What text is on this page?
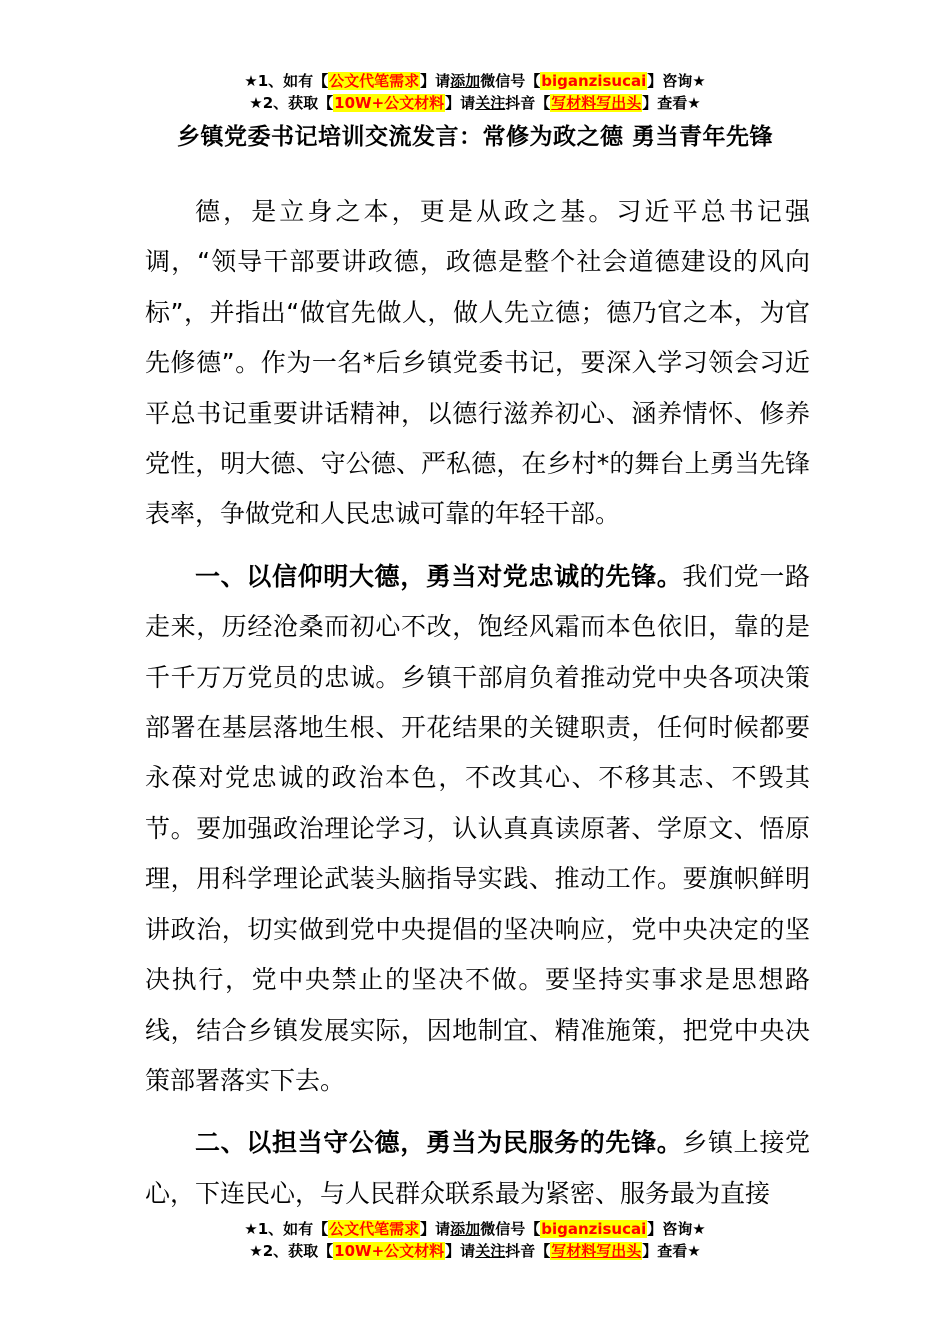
★1、如有【公文代笔需求】请添加微信号【biganzisucai】咨询★
★2、获取【10W+公文材料】请关注抖音【写材料写出头】查看★
乡镇党委书记培训交流发言：常修为政之德 勇当青年先锋

德，是立身之本，更是从政之基。习近平总书记强调，“领导干部要讲政德，政德是整个社会道德建设的风向标”，并指出“做官先做人，做人先立德；德乃官之本，为官先修德”。作为一名*后乡镇党委书记，要深入学习领会习近平总书记重要讲话精神，以德行滋养初心、涵养情怀、修养党性，明大德、守公德、严私德，在乡村*的舞台上勇当先锋表率，争做党和人民忠诚可靠的年轻干部。

一、以信仰明大德，勇当对党忠诚的先锋。我们党一路走来，历经沧桑而初心不改，饱经风霜而本色依旧，靠的是千千万万党员的忠诚。乡镇干部肩负着推动党中央各项决策部署在基层落地生根、开花结果的关键职责，任何时候都要永葆对党忠诚的政治本色，不改其心、不移其志、不毁其节。要加强政治理论学习，认认真真读原著、学原文、悟原理，用科学理论武装头脑指导实践、推动工作。要旗帜鲜明讲政治，切实做到党中央提倡的坚决响应，党中央决定的坚决执行，党中央禁止的坚决不做。要坚持实事求是思想路线，结合乡镇发展实际，因地制宜、精准施策，把党中央决策部署落实下去。

二、以担当守公德，勇当为民服务的先锋。乡镇上接党心，下连民心，与人民群众联系最为紧密、服务最为直接

★1、如有【公文代笔需求】请添加微信号【biganzisucai】咨询★
★2、获取【10W+公文材料】请关注抖音【写材料写出头】查看★
